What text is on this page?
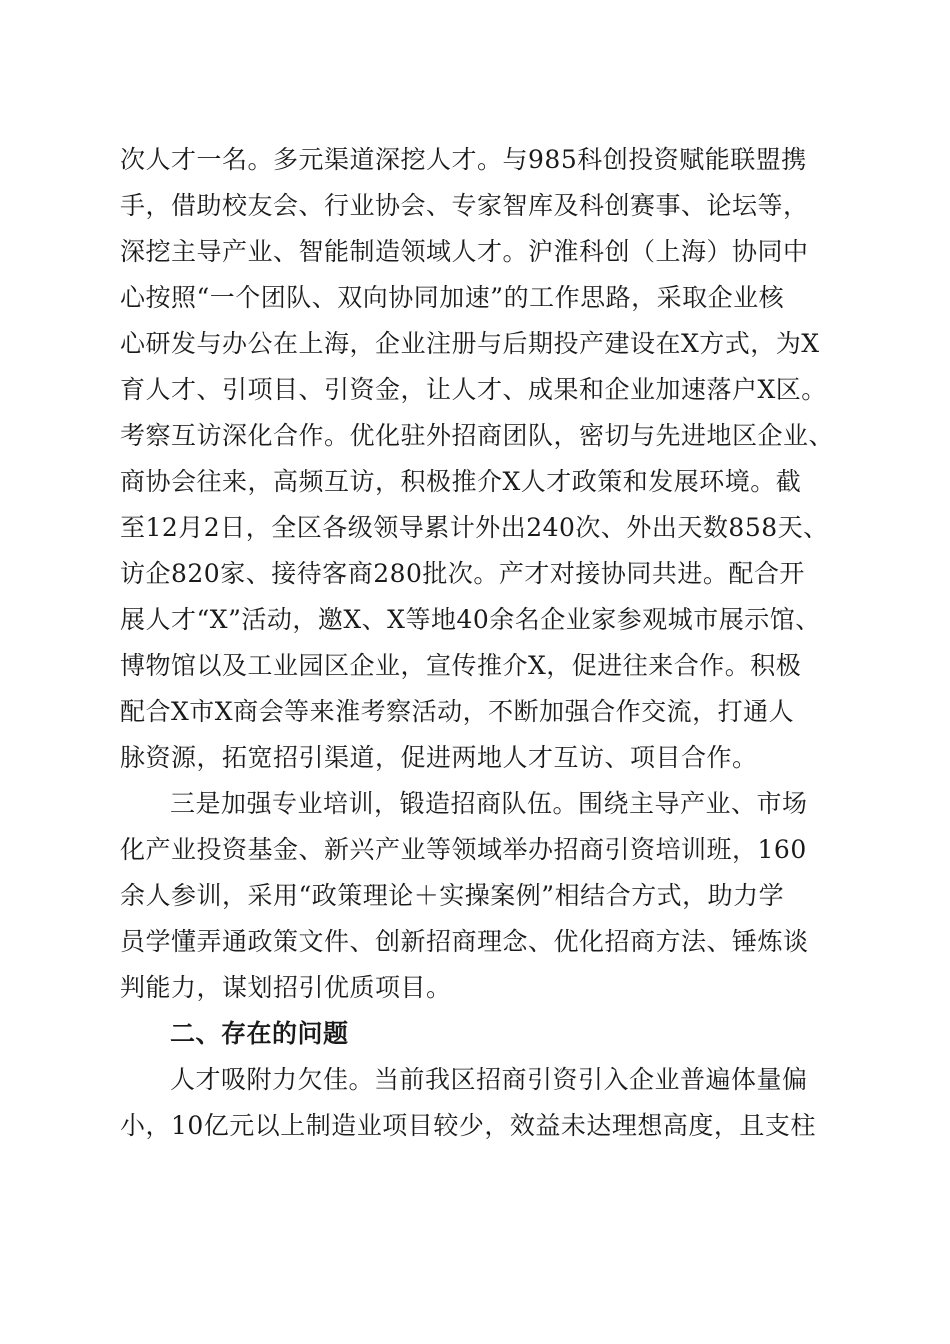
次人才一名。多元渠道深挖人才。与985科创投资赋能联盟携
手，借助校友会、行业协会、专家智库及科创赛事、论坛等，
深挖主导产业、智能制造领域人才。沪淮科创（上海）协同中
心按照“一个团队、双向协同加速”的工作思路，采取企业核
心研发与办公在上海，企业注册与后期投产建设在X方式，为X
育人才、引项目、引资金，让人才、成果和企业加速落户X区。
考察互访深化合作。优化驻外招商团队，密切与先进地区企业、
商协会往来，高频互访，积极推介X人才政策和发展环境。截
至12月2日，全区各级领导累计外出240次、外出天数858天、
访企820家、接待客商280批次。产才对接协同共进。配合开
展人才“X”活动，邀X、X等地40余名企业家参观城市展示馆、
博物馆以及工业园区企业，宣传推介X，促进往来合作。积极
配合X市X商会等来淮考察活动，不断加强合作交流，打通人
脉资源，拓宽招引渠道，促进两地人才互访、项目合作。
三是加强专业培训，锻造招商队伍。围绕主导产业、市场
化产业投资基金、新兴产业等领域举办招商引资培训班，160
余人参训，采用“政策理论＋实操案例”相结合方式，助力学
员学懂弄通政策文件、创新招商理念、优化招商方法、锤炼谈
判能力，谋划招引优质项目。
二、存在的问题
人才吸附力欠佳。当前我区招商引资引入企业普遍体量偏
小，10亿元以上制造业项目较少，效益未达理想高度，且支柱
